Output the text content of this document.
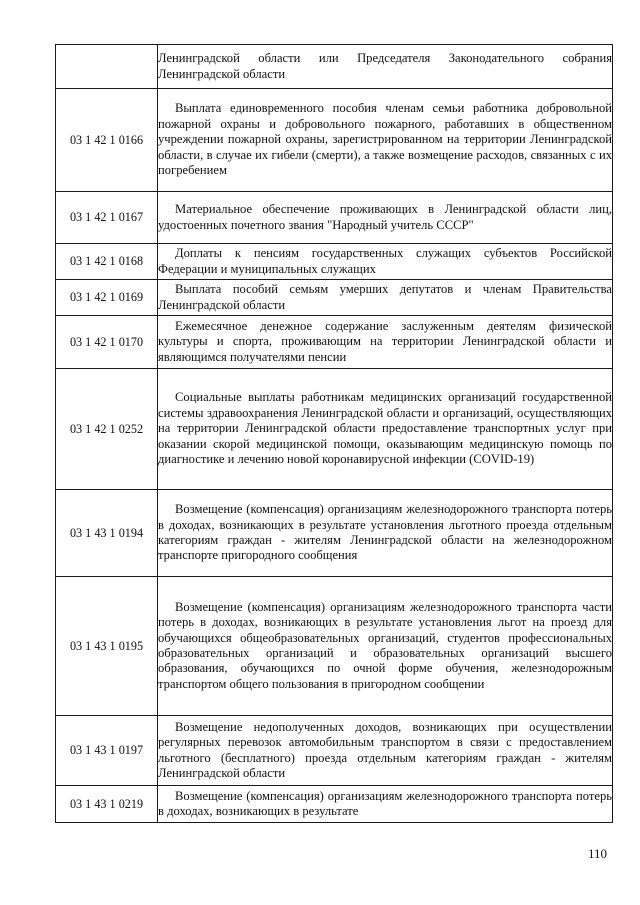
	Ленинградской области или Председателя Законодательного собрания Ленинградской области

03 1 42 1 0166	Выплата единовременного пособия членам семьи работника добровольной пожарной охраны и добровольного пожарного, работавших в общественном учреждении пожарной охраны, зарегистрированном на территории Ленинградской области, в случае их гибели (смерти), а также возмещение расходов, связанных с их погребением

03 1 42 1 0167	Материальное обеспечение проживающих в Ленинградской области лиц, удостоенных почетного звания "Народный учитель СССР"

03 1 42 1 0168	Доплаты к пенсиям государственных служащих субъектов Российской Федерации и муниципальных служащих

03 1 42 1 0169	Выплата пособий семьям умерших депутатов и членам Правительства Ленинградской области

03 1 42 1 0170	Ежемесячное денежное содержание заслуженным деятелям физической культуры и спорта, проживающим на территории Ленинградской области и являющимся получателями пенсии

03 1 42 1 0252	Социальные выплаты работникам медицинских организаций государственной системы здравоохранения Ленинградской области и организаций, осуществляющих на территории Ленинградской области предоставление транспортных услуг при оказании скорой медицинской помощи, оказывающим медицинскую помощь по диагностике и лечению новой коронавирусной инфекции (COVID-19)

03 1 43 1 0194	Возмещение (компенсация) организациям железнодорожного транспорта потерь в доходах, возникающих в результате установления льготного проезда отдельным категориям граждан - жителям Ленинградской области на железнодорожном транспорте пригородного сообщения

03 1 43 1 0195	Возмещение (компенсация) организациям железнодорожного транспорта части потерь в доходах, возникающих в результате установления льгот на проезд для обучающихся общеобразовательных организаций, студентов профессиональных образовательных организаций и образовательных организаций высшего образования, обучающихся по очной форме обучения, железнодорожным транспортом общего пользования в пригородном сообщении

03 1 43 1 0197	Возмещение недополученных доходов, возникающих при осуществлении регулярных перевозок автомобильным транспортом в связи с предоставлением льготного (бесплатного) проезда отдельным категориям граждан - жителям Ленинградской области

03 1 43 1 0219	Возмещение (компенсация) организациям железнодорожного транспорта потерь в доходах, возникающих в результате
110
